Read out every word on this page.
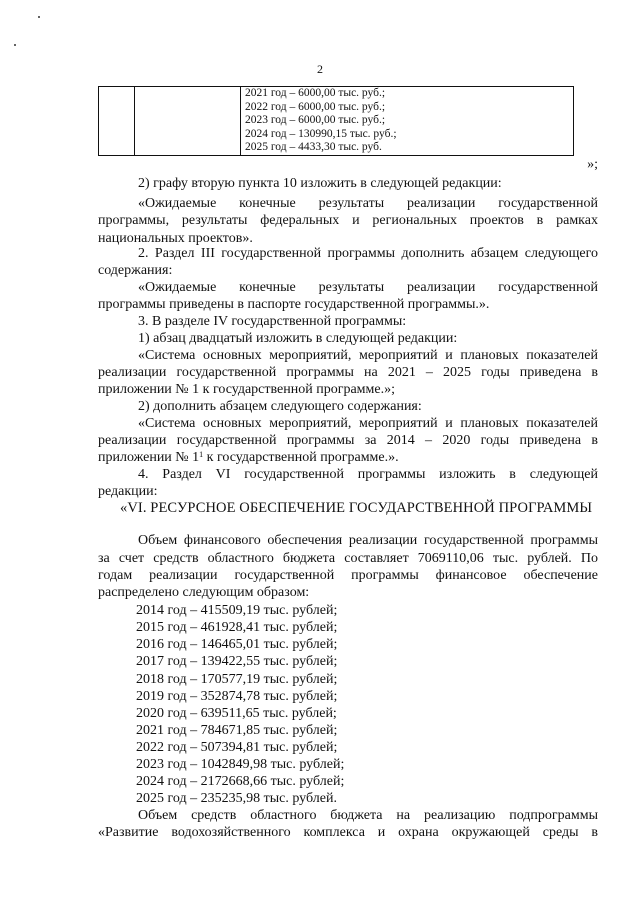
2

2021 год – 6000,00 тыс. руб.;
2022 год – 6000,00 тыс. руб.;
2023 год – 6000,00 тыс. руб.;
2024 год – 130990,15 тыс. руб.;
2025 год – 4433,30 тыс. руб.
»;
2) графу вторую пункта 10 изложить в следующей редакции:
«Ожидаемые конечные результаты реализации государственной
программы, результаты федеральных и региональных проектов в рамках
национальных проектов».
2. Раздел III государственной программы дополнить абзацем следующего
содержания:
«Ожидаемые конечные результаты реализации государственной
программы приведены в паспорте государственной программы.».
3. В разделе IV государственной программы:
1) абзац двадцатый изложить в следующей редакции:
«Система основных мероприятий, мероприятий и плановых показателей
реализации государственной программы на 2021 – 2025 годы приведена в
приложении № 1 к государственной программе.»;
2) дополнить абзацем следующего содержания:
«Система основных мероприятий, мероприятий и плановых показателей
реализации государственной программы за 2014 – 2020 годы приведена в
приложении № $1^1$ к государственной программе.».
4. Раздел VI государственной программы изложить в следующей
редакции:
«VI. РЕСУРСНОЕ ОБЕСПЕЧЕНИЕ ГОСУДАРСТВЕННОЙ ПРОГРАММЫ
Объем финансового обеспечения реализации государственной программы
за счет средств областного бюджета составляет 7069110,06 тыс. рублей. По
годам реализации государственной программы финансовое обеспечение
распределено следующим образом:
2014 год – 415509,19 тыс. рублей;
2015 год – 461928,41 тыс. рублей;
2016 год – 146465,01 тыс. рублей;
2017 год – 139422,55 тыс. рублей;
2018 год – 170577,19 тыс. рублей;
2019 год – 352874,78 тыс. рублей;
2020 год – 639511,65 тыс. рублей;
2021 год – 784671,85 тыс. рублей;
2022 год – 507394,81 тыс. рублей;
2023 год – 1042849,98 тыс. рублей;
2024 год – 2172668,66 тыс. рублей;
2025 год – 235235,98 тыс. рублей.
Объем средств областного бюджета на реализацию подпрограммы
«Развитие водохозяйственного комплекса и охрана окружающей среды в
